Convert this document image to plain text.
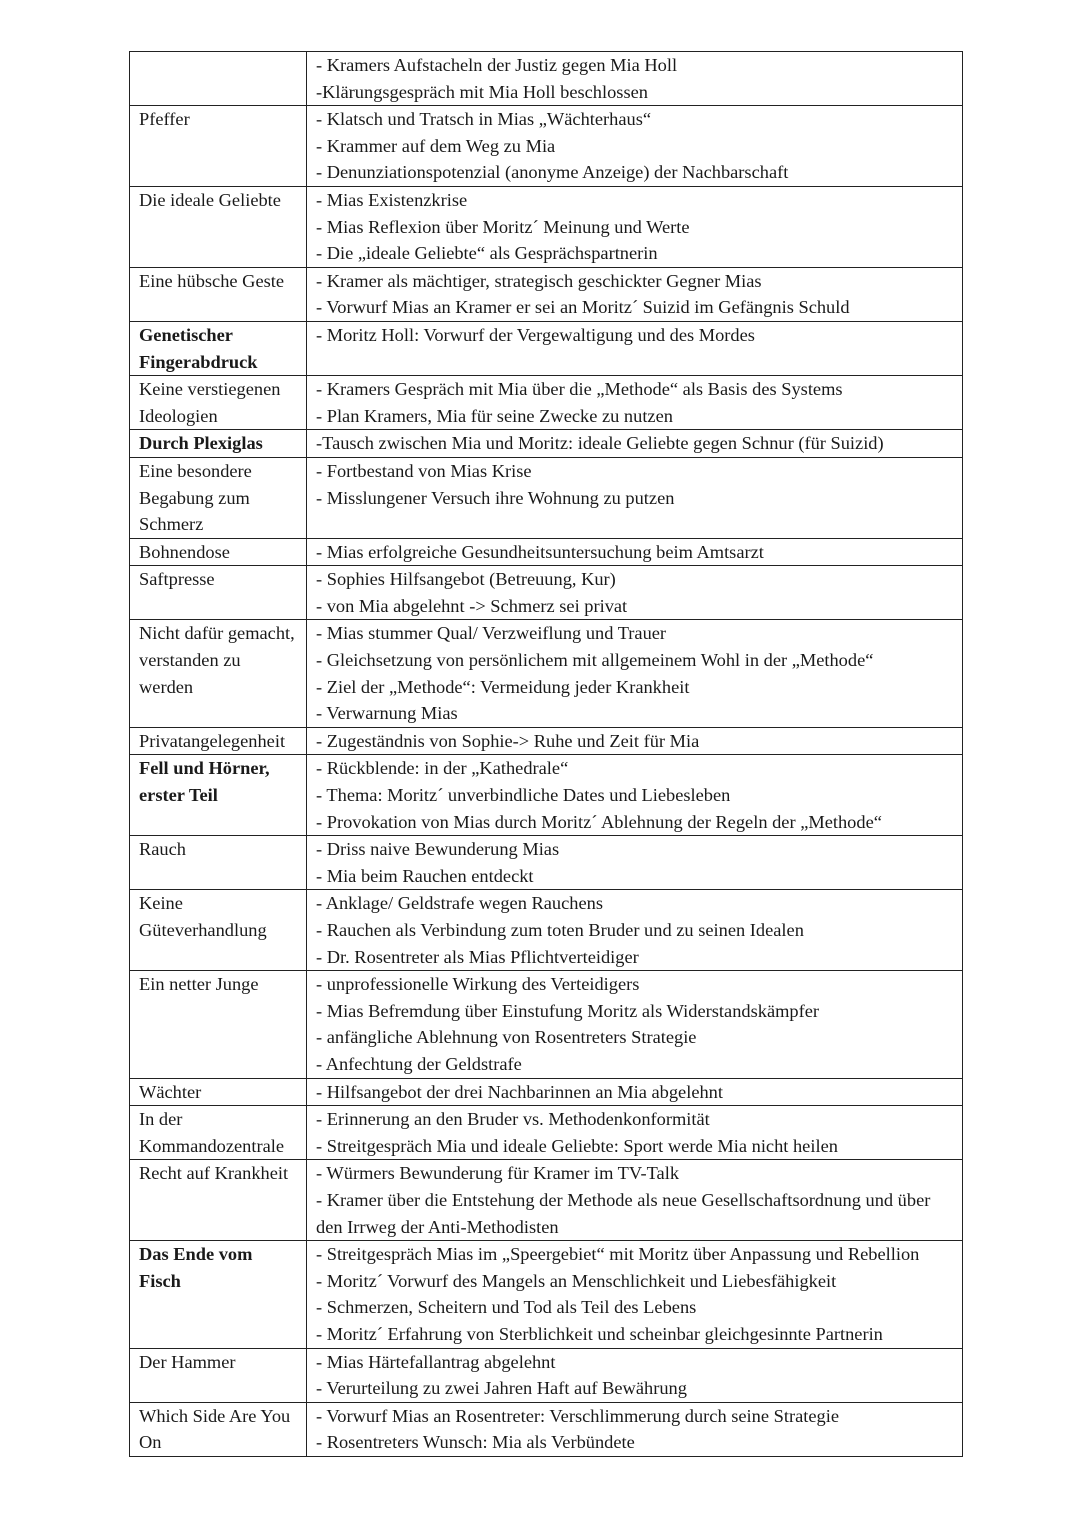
	- Kramers Aufstacheln der Justiz gegen Mia Holl
-Klärungsgespräch mit Mia Holl beschlossen

Pfeffer	- Klatsch und Tratsch in Mias „Wächterhaus“
- Krammer auf dem Weg zu Mia
- Denunziationspotenzial (anonyme Anzeige) der Nachbarschaft

Die ideale Geliebte	- Mias Existenzkrise
- Mias Reflexion über Moritz´ Meinung und Werte
- Die „ideale Geliebte“ als Gesprächspartnerin

Eine hübsche Geste	- Kramer als mächtiger, strategisch geschickter Gegner Mias
- Vorwurf Mias an Kramer er sei an Moritz´ Suizid im Gefängnis Schuld

Genetischer Fingerabdruck	- Moritz Holl: Vorwurf der Vergewaltigung und des Mordes

Keine verstiegenen Ideologien	- Kramers Gespräch mit Mia über die „Methode“ als Basis des Systems
- Plan Kramers, Mia für seine Zwecke zu nutzen

Durch Plexiglas	-Tausch zwischen Mia und Moritz: ideale Geliebte gegen Schnur (für Suizid)

Eine besondere Begabung zum Schmerz	- Fortbestand von Mias Krise
- Misslungener Versuch ihre Wohnung zu putzen

Bohnendose	- Mias erfolgreiche Gesundheitsuntersuchung beim Amtsarzt

Saftpresse	- Sophies Hilfsangebot (Betreuung, Kur)
- von Mia abgelehnt -> Schmerz sei privat

Nicht dafür gemacht, verstanden zu werden	- Mias stummer Qual/ Verzweiflung und Trauer
- Gleichsetzung von persönlichem mit allgemeinem Wohl in der „Methode“
- Ziel der „Methode“: Vermeidung jeder Krankheit
- Verwarnung Mias

Privatangelegenheit	- Zugeständnis von Sophie-> Ruhe und Zeit für Mia

Fell und Hörner, erster Teil	- Rückblende: in der „Kathedrale“
- Thema: Moritz´ unverbindliche Dates und Liebesleben
- Provokation von Mias durch Moritz´ Ablehnung der Regeln der „Methode“

Rauch	- Driss naive Bewunderung Mias
- Mia beim Rauchen entdeckt

Keine Güteverhandlung	- Anklage/ Geldstrafe wegen Rauchens
- Rauchen als Verbindung zum toten Bruder und zu seinen Idealen
- Dr. Rosentreter als Mias Pflichtverteidiger

Ein netter Junge	- unprofessionelle Wirkung des Verteidigers
- Mias Befremdung über Einstufung Moritz als Widerstandskämpfer
- anfängliche Ablehnung von Rosentreters Strategie
- Anfechtung der Geldstrafe

Wächter	- Hilfsangebot der drei Nachbarinnen an Mia abgelehnt

In der Kommandozentrale	- Erinnerung an den Bruder vs. Methodenkonformität
- Streitgespräch Mia und ideale Geliebte: Sport werde Mia nicht heilen

Recht auf Krankheit	- Würmers Bewunderung für Kramer im TV-Talk
- Kramer über die Entstehung der Methode als neue Gesellschaftsordnung und über den Irrweg der Anti-Methodisten

Das Ende vom Fisch	- Streitgespräch Mias im „Speergebiet“ mit Moritz über Anpassung und Rebellion
- Moritz´ Vorwurf des Mangels an Menschlichkeit und Liebesfähigkeit
- Schmerzen, Scheitern und Tod als Teil des Lebens
- Moritz´ Erfahrung von Sterblichkeit und scheinbar gleichgesinnte Partnerin

Der Hammer	- Mias Härtefallantrag abgelehnt
- Verurteilung zu zwei Jahren Haft auf Bewährung

Which Side Are You On	- Vorwurf Mias an Rosentreter: Verschlimmerung durch seine Strategie
- Rosentreters Wunsch: Mia als Verbündete
